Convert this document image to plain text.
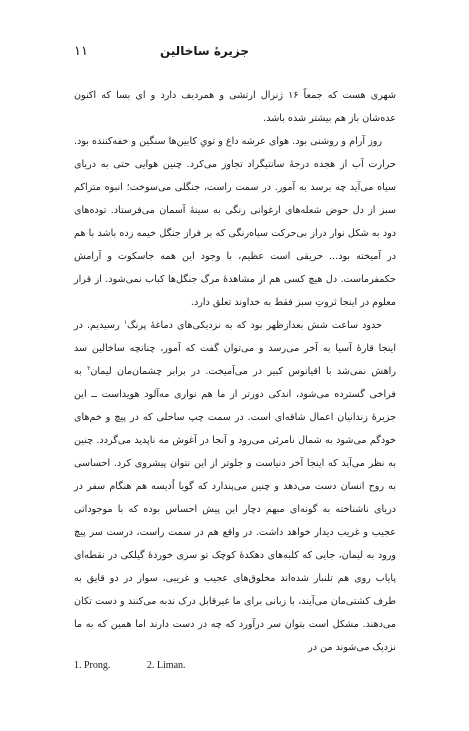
جزیرهٔ ساخالین
۱۱

شهری هست که جمعاً ۱۶ ژنرال ارتشی و همردیف دارد و ای بسا که اکنون عده‌شان باز هم بیشتر شده باشد.

روز آرام و روشنی بود. هوای عرشه داغ و تویِ کابین‌ها سنگین و خفه‌کننده بود. حرارت آب از هجده درجهٔ سانتیگراد تجاوز می‌کرد. چنین هوایی حتی به دریای سیاه می‌آید چه برسد به آمور. در سمت راست، جنگلی می‌سوخت؛ انبوه متراکم سبز از دل حوض شعله‌های ارغوانی رنگی به سینهٔ آسمان می‌فرستاد. توده‌های دود به شکل نوار دراز بی‌حرکت سیاه‌رنگی که بر فراز جنگل خیمه زده باشد با هم در آمیخته بود... حریقی است عظیم، با وجود این همه جاسکوت و آرامش حکمفرماست. دل هیچ کسی هم از مشاهدهٔ مرگ جنگل‌ها کباب نمی‌شود. از قرار معلوم در اینجا ثروتِ سبز فقط به خداوند تعلق دارد.

حدود ساعت شش بعدازظهر بود که به نزدیکی‌های دماغهٔ پرنگ$^۱$ رسیدیم. در اینجا قارهٔ آسیا به آخر می‌رسد و می‌توان گفت که آمور، چنانچه ساخالین سد راهش نمی‌شد با اقیانوس کبیر در می‌آمیخت. در برابر چشمان‌مان لیمان$^۲$ به فراخی گسترده می‌شود، اندکی دورتر از ما هم نواری مه‌آلود هویداست ــ این جزیرهٔ زندانیان اعمال شاقه‌ای است. در سمت چپ ساحلی که در پیچ و خم‌های خودگم می‌شود به شمال نامرئی می‌رود و آنجا در آغوش مه ناپدید می‌گردد. چنین به نظر می‌آید که اینجا آخر دنیاست و جلوتر از این نتوان پیشروی کرد. احساسی به روح انسان دست می‌دهد و چنین می‌پندارد که گویا اُدیسه هم هنگام سفر در دریای ناشناخته به گونه‌ای مبهم دچار این پیش احساس بوده که با موجوداتی عجیب و غریب دیدار خواهد داشت. در واقع هم در سمت راست، درست سر پیچ ورود به لیمان، جایی که کلبه‌های دهکدهٔ کوچک تو سری خوردهٔ گیلکی در نقطه‌ای پایاب روی هم تلنبار شده‌اند مخلوق‌های عجیب و غریبی، سوار در دو قایق به طرف کشتی‌مان می‌آیند، با زبانی برای ما غیرقابل درک ندبه می‌کنند و دست تکان می‌دهند. مشکل است بتوان سر درآورد که چه در دست دارند اما همین که به ما نزدیک می‌شوند من در

1. Prong.	2. Liman.
